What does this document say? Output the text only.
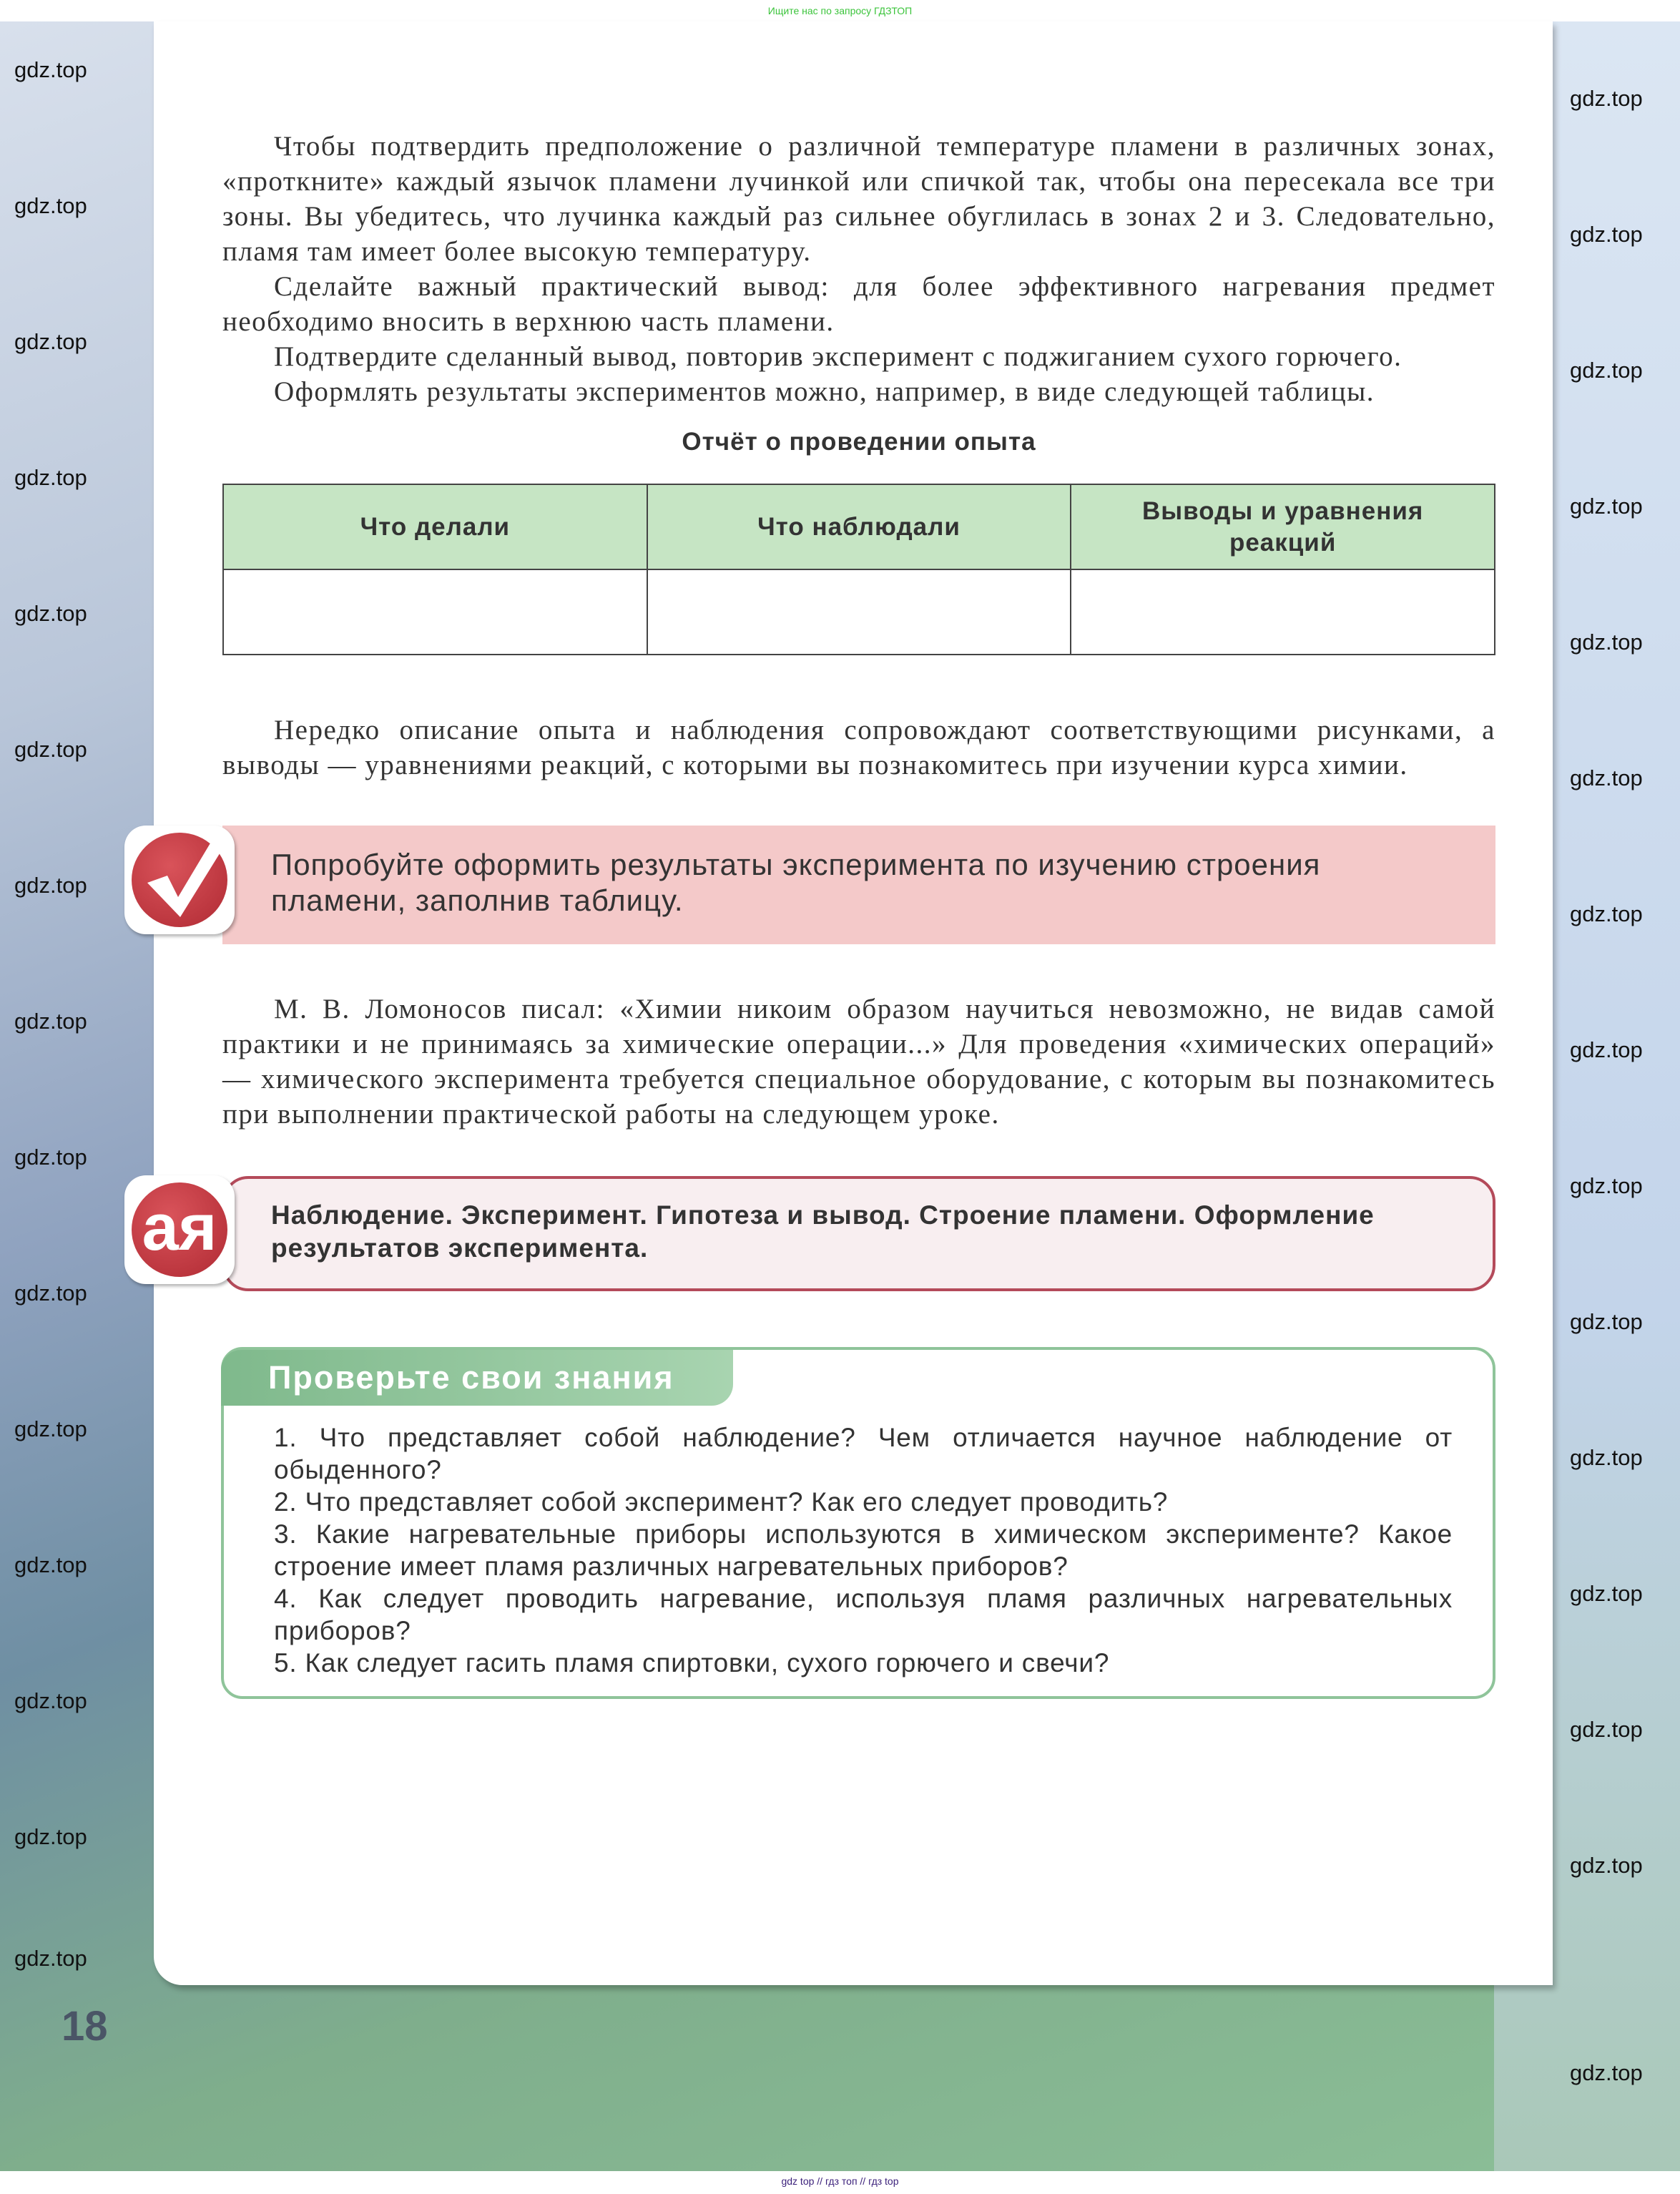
Ищите нас по запросу ГДЗТОП

Чтобы подтвердить предположение о различной температуре пламени в различных зонах, «проткните» каждый язычок пламени лучинкой или спичкой так, чтобы она пересекала все три зоны. Вы убедитесь, что лучинка каждый раз сильнее обуглилась в зонах 2 и 3. Следовательно, пламя там имеет более высокую температуру.

Сделайте важный практический вывод: для более эффективного нагревания предмет необходимо вносить в верхнюю часть пламени.

Подтвердите сделанный вывод, повторив эксперимент с поджиганием сухого горючего.

Оформлять результаты экспериментов можно, например, в виде следующей таблицы.

Отчёт о проведении опыта
Что делали	Что наблюдали	Выводы и уравнения реакций

Нередко описание опыта и наблюдения сопровождают соответствующими рисунками, а выводы — уравнениями реакций, с которыми вы познакомитесь при изучении курса химии.

Попробуйте оформить результаты эксперимента по изучению строения пламени, заполнив таблицу.

М. В. Ломоносов писал: «Химии никоим образом научиться невозможно, не видав самой практики и не принимаясь за химические операции...» Для проведения «химических операций» — химического эксперимента требуется специальное оборудование, с которым вы познакомитесь при выполнении практической работы на следующем уроке.

ая	Наблюдение. Эксперимент. Гипотеза и вывод. Строение пламени. Оформление результатов эксперимента.
Проверьте свои знания
1. Что представляет собой наблюдение? Чем отличается научное наблюдение от обыденного?
2. Что представляет собой эксперимент? Как его следует проводить?
3. Какие нагревательные приборы используются в химическом эксперименте? Какое строение имеет пламя различных нагревательных приборов?
4. Как следует проводить нагревание, используя пламя различных нагревательных приборов?
5. Как следует гасить пламя спиртовки, сухого горючего и свечи?
18
gdz.top
gdz.top
gdz.top
gdz.top
gdz.top
gdz.top
gdz.top
gdz.top
gdz.top
gdz.top
gdz.top
gdz.top
gdz.top
gdz.top
gdz.top
gdz.top
gdz.top
gdz.top
gdz.top
gdz.top
gdz.top
gdz.top
gdz.top
gdz.top
gdz.top
gdz.top
gdz.top
gdz.top
gdz.top
gdz.top
gdz top // гдз топ // гдз top
